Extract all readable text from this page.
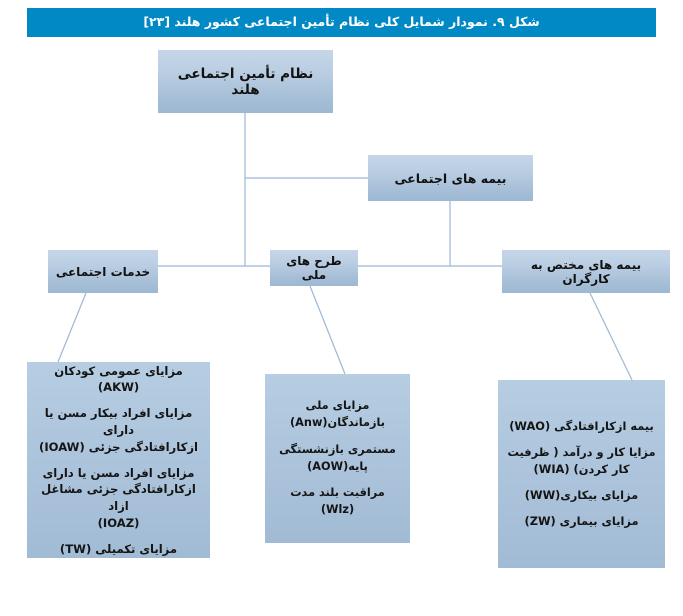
شکل ۹. نمودار شمایل کلی نظام تأمین اجتماعی کشور هلند [۲۳]
نظام تأمین اجتماعی هلند
بیمه های اجتماعی
خدمات اجتماعی
طرح های ملی
بیمه های مختص به کارگران
مزایای عمومی کودکان (AKW)
مزایای افراد بیکار مسن یا دارای
ازکارافتادگی جزئی (IOAW)
مزایای افراد مسن یا دارای
ازکارافتادگی جزئی مشاغل ازاد
(IOAZ)
مزایای تکمیلی (TW)
مزایای ملی
بازماندگان(Anw)
مستمری بازنشستگی
پایه(AOW)
مراقبت بلند مدت (Wlz)
بیمه ازکارافتادگی (WAO)
مزایا کار و درآمد ( ظرفیت
کار کردن) (WIA)
مزایای بیکاری(WW)
مزایای بیماری (ZW)
